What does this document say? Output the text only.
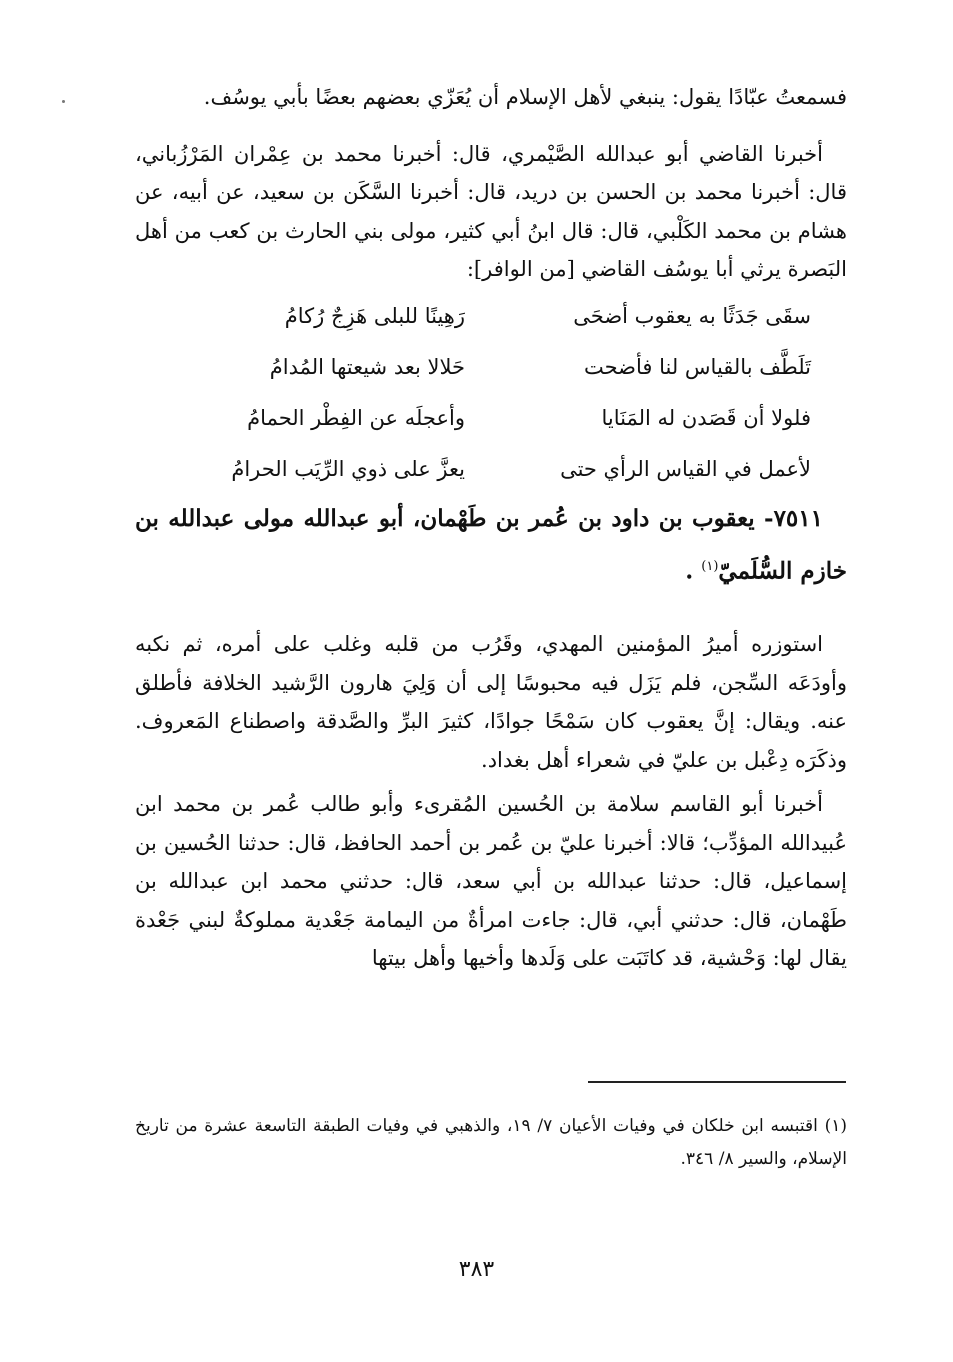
فسمعتُ عبّادًا يقول: ينبغي لأهل الإسلام أن يُعَزّي بعضهم بعضًا بأبي يوسُف.

أخبرنا القاضي أبو عبدالله الصَّيْمري، قال: أخبرنا محمد بن عِمْران المَرْزُباني، قال: أخبرنا محمد بن الحسن بن دريد، قال: أخبرنا السَّكَن بن سعيد، عن أبيه، عن هشام بن محمد الكَلْبي، قال: قال ابنُ أبي كثير، مولى بني الحارث بن كعب من أهل البَصرة يرثي أبا يوسُف القاضي [من الوافر]:

سقَى جَدَثًا به يعقوب أضحَى
رَهِينًا للبلى هَزِجٌ رُكامُ
تَلَطَّف بالقياس لنا فأضحت
حَلالا بعد شيعتها المُدامُ
فلولا أن قَصَدن له المَنَايا
وأعجلَه عن الفِطْر الحمامُ
لأعمل في القياس الرأي حتى
يعزَّ على ذوي الرِّيَب الحرامُ

٧٥١١- يعقوب بن داود بن عُمر بن طَهْمان، أبو عبدالله مولى عبدالله بن خازم السُّلَميّ$^{(١)}$ .

استوزره أميرُ المؤمنين المهدي، وقَرُب من قلبه وغلب على أمره، ثم نكبه وأودَعَه السِّجن، فلم يَزَل فيه محبوسًا إلى أن وَلِيَ هارون الرَّشيد الخلافة فأطلق عنه. ويقال: إنَّ يعقوب كان سَمْحًا جوادًا، كثيرَ البرِّ والصَّدقة واصطناع المَعروف. وذكَرَه دِعْبل بن عليّ في شعراء أهل بغداد.

أخبرنا أبو القاسم سلامة بن الحُسين المُقرىء وأبو طالب عُمر بن محمد ابن عُبيدالله المؤدِّب؛ قالا: أخبرنا عليّ بن عُمر بن أحمد الحافظ، قال: حدثنا الحُسين بن إسماعيل، قال: حدثنا عبدالله بن أبي سعد، قال: حدثني محمد ابن عبدالله بن طَهْمان، قال: حدثني أبي، قال: جاءت امرأةٌ من اليمامة جَعْدية مملوكةٌ لبني جَعْدة يقال لها: وَحْشية، قد كاتَبَت على وَلَدها وأخيها وأهل بيتها

(١) اقتبسه ابن خلكان في وفيات الأعيان ٧/ ١٩، والذهبي في وفيات الطبقة التاسعة عشرة من تاريخ الإسلام، والسير ٨/ ٣٤٦.

٣٨٣
